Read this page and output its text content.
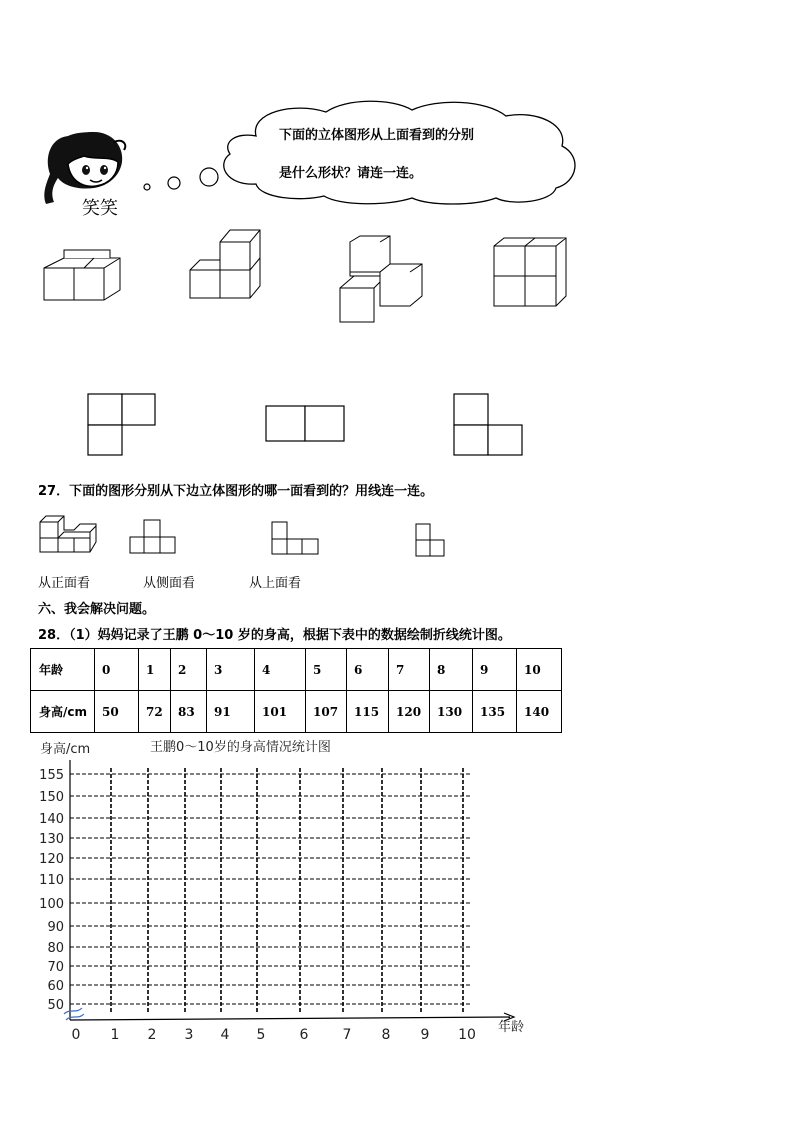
笑笑
下面的立体图形从上面看到的分别
是什么形状？请连一连。
27．下面的图形分别从下边立体图形的哪一面看到的？用线连一连。
从正面看	从侧面看	从上面看
六、我会解决问题。
28．（1）妈妈记录了王鹏 0～10 岁的身高，根据下表中的数据绘制折线统计图。
年龄	0	1	2	3	4	5	6	7	8	9	10
身高/cm	50	72	83	91	101	107	115	120	130	135	140
王鹏0～10岁的身高情况统计图
身高/cm
年龄
50
60
70
80
90
100
110
120
130
140
150
155
0 1 2 3 4 5 6 7 8 9 10
